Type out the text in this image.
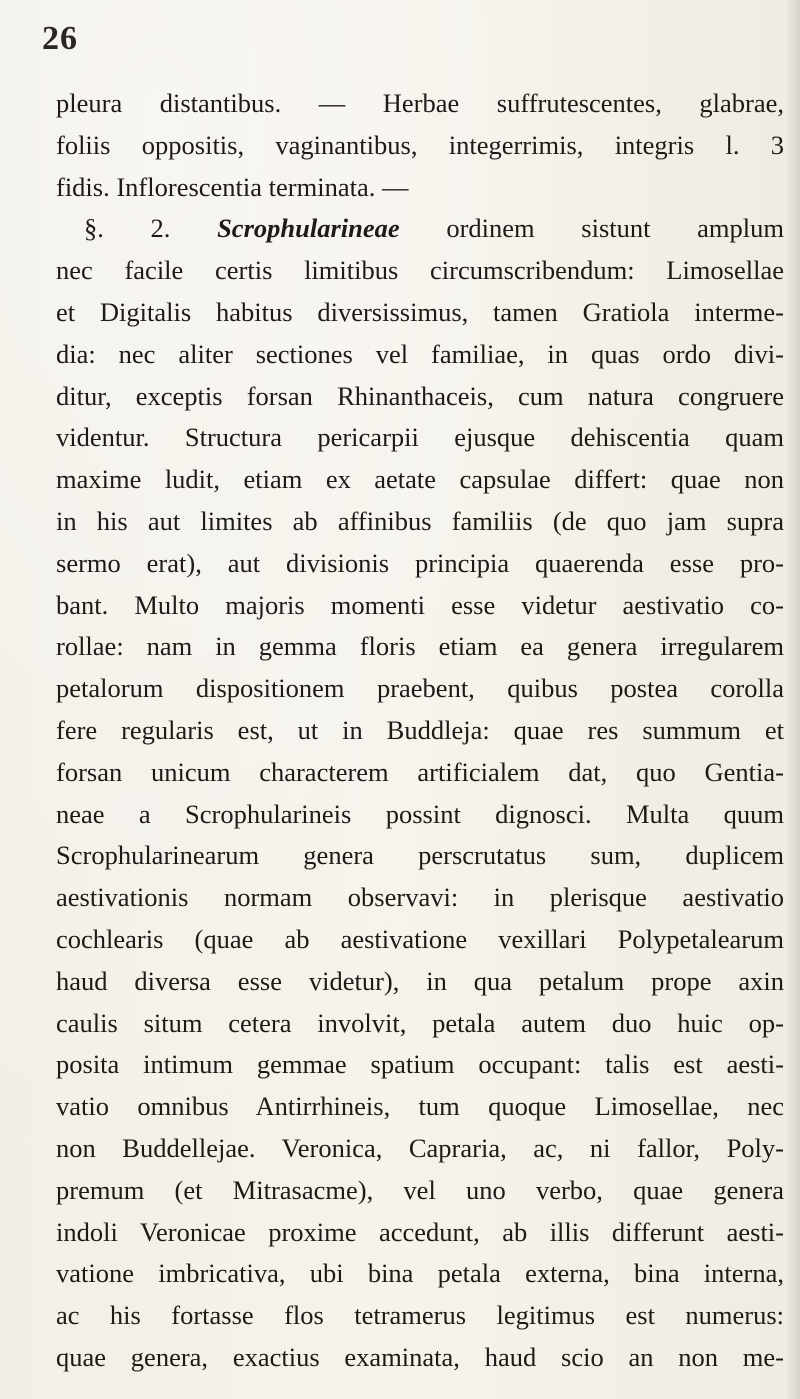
26

pleura distantibus. — Herbae suffrutescentes, glabrae,
foliis oppositis, vaginantibus, integerrimis, integris l. 3
fidis. Inflorescentia terminata. —
§. 2. Scrophularineae ordinem sistunt amplum
nec facile certis limitibus circumscribendum: Limosellae
et Digitalis habitus diversissimus, tamen Gratiola interme-
dia: nec aliter sectiones vel familiae, in quas ordo divi-
ditur, exceptis forsan Rhinanthaceis, cum natura congruere
videntur. Structura pericarpii ejusque dehiscentia quam
maxime ludit, etiam ex aetate capsulae differt: quae non
in his aut limites ab affinibus familiis (de quo jam supra
sermo erat), aut divisionis principia quaerenda esse pro-
bant. Multo majoris momenti esse videtur aestivatio co-
rollae: nam in gemma floris etiam ea genera irregularem
petalorum dispositionem praebent, quibus postea corolla
fere regularis est, ut in Buddleja: quae res summum et
forsan unicum characterem artificialem dat, quo Gentia-
neae a Scrophularineis possint dignosci. Multa quum
Scrophularinearum genera perscrutatus sum, duplicem
aestivationis normam observavi: in plerisque aestivatio
cochlearis (quae ab aestivatione vexillari Polypetalearum
haud diversa esse videtur), in qua petalum prope axin
caulis situm cetera involvit, petala autem duo huic op-
posita intimum gemmae spatium occupant: talis est aesti-
vatio omnibus Antirrhineis, tum quoque Limosellae, nec
non Buddellejae. Veronica, Capraria, ac, ni fallor, Poly-
premum (et Mitrasacme), vel uno verbo, quae genera
indoli Veronicae proxime accedunt, ab illis differunt aesti-
vatione imbricativa, ubi bina petala externa, bina interna,
ac his fortasse flos tetramerus legitimus est numerus:
quae genera, exactius examinata, haud scio an non me-
